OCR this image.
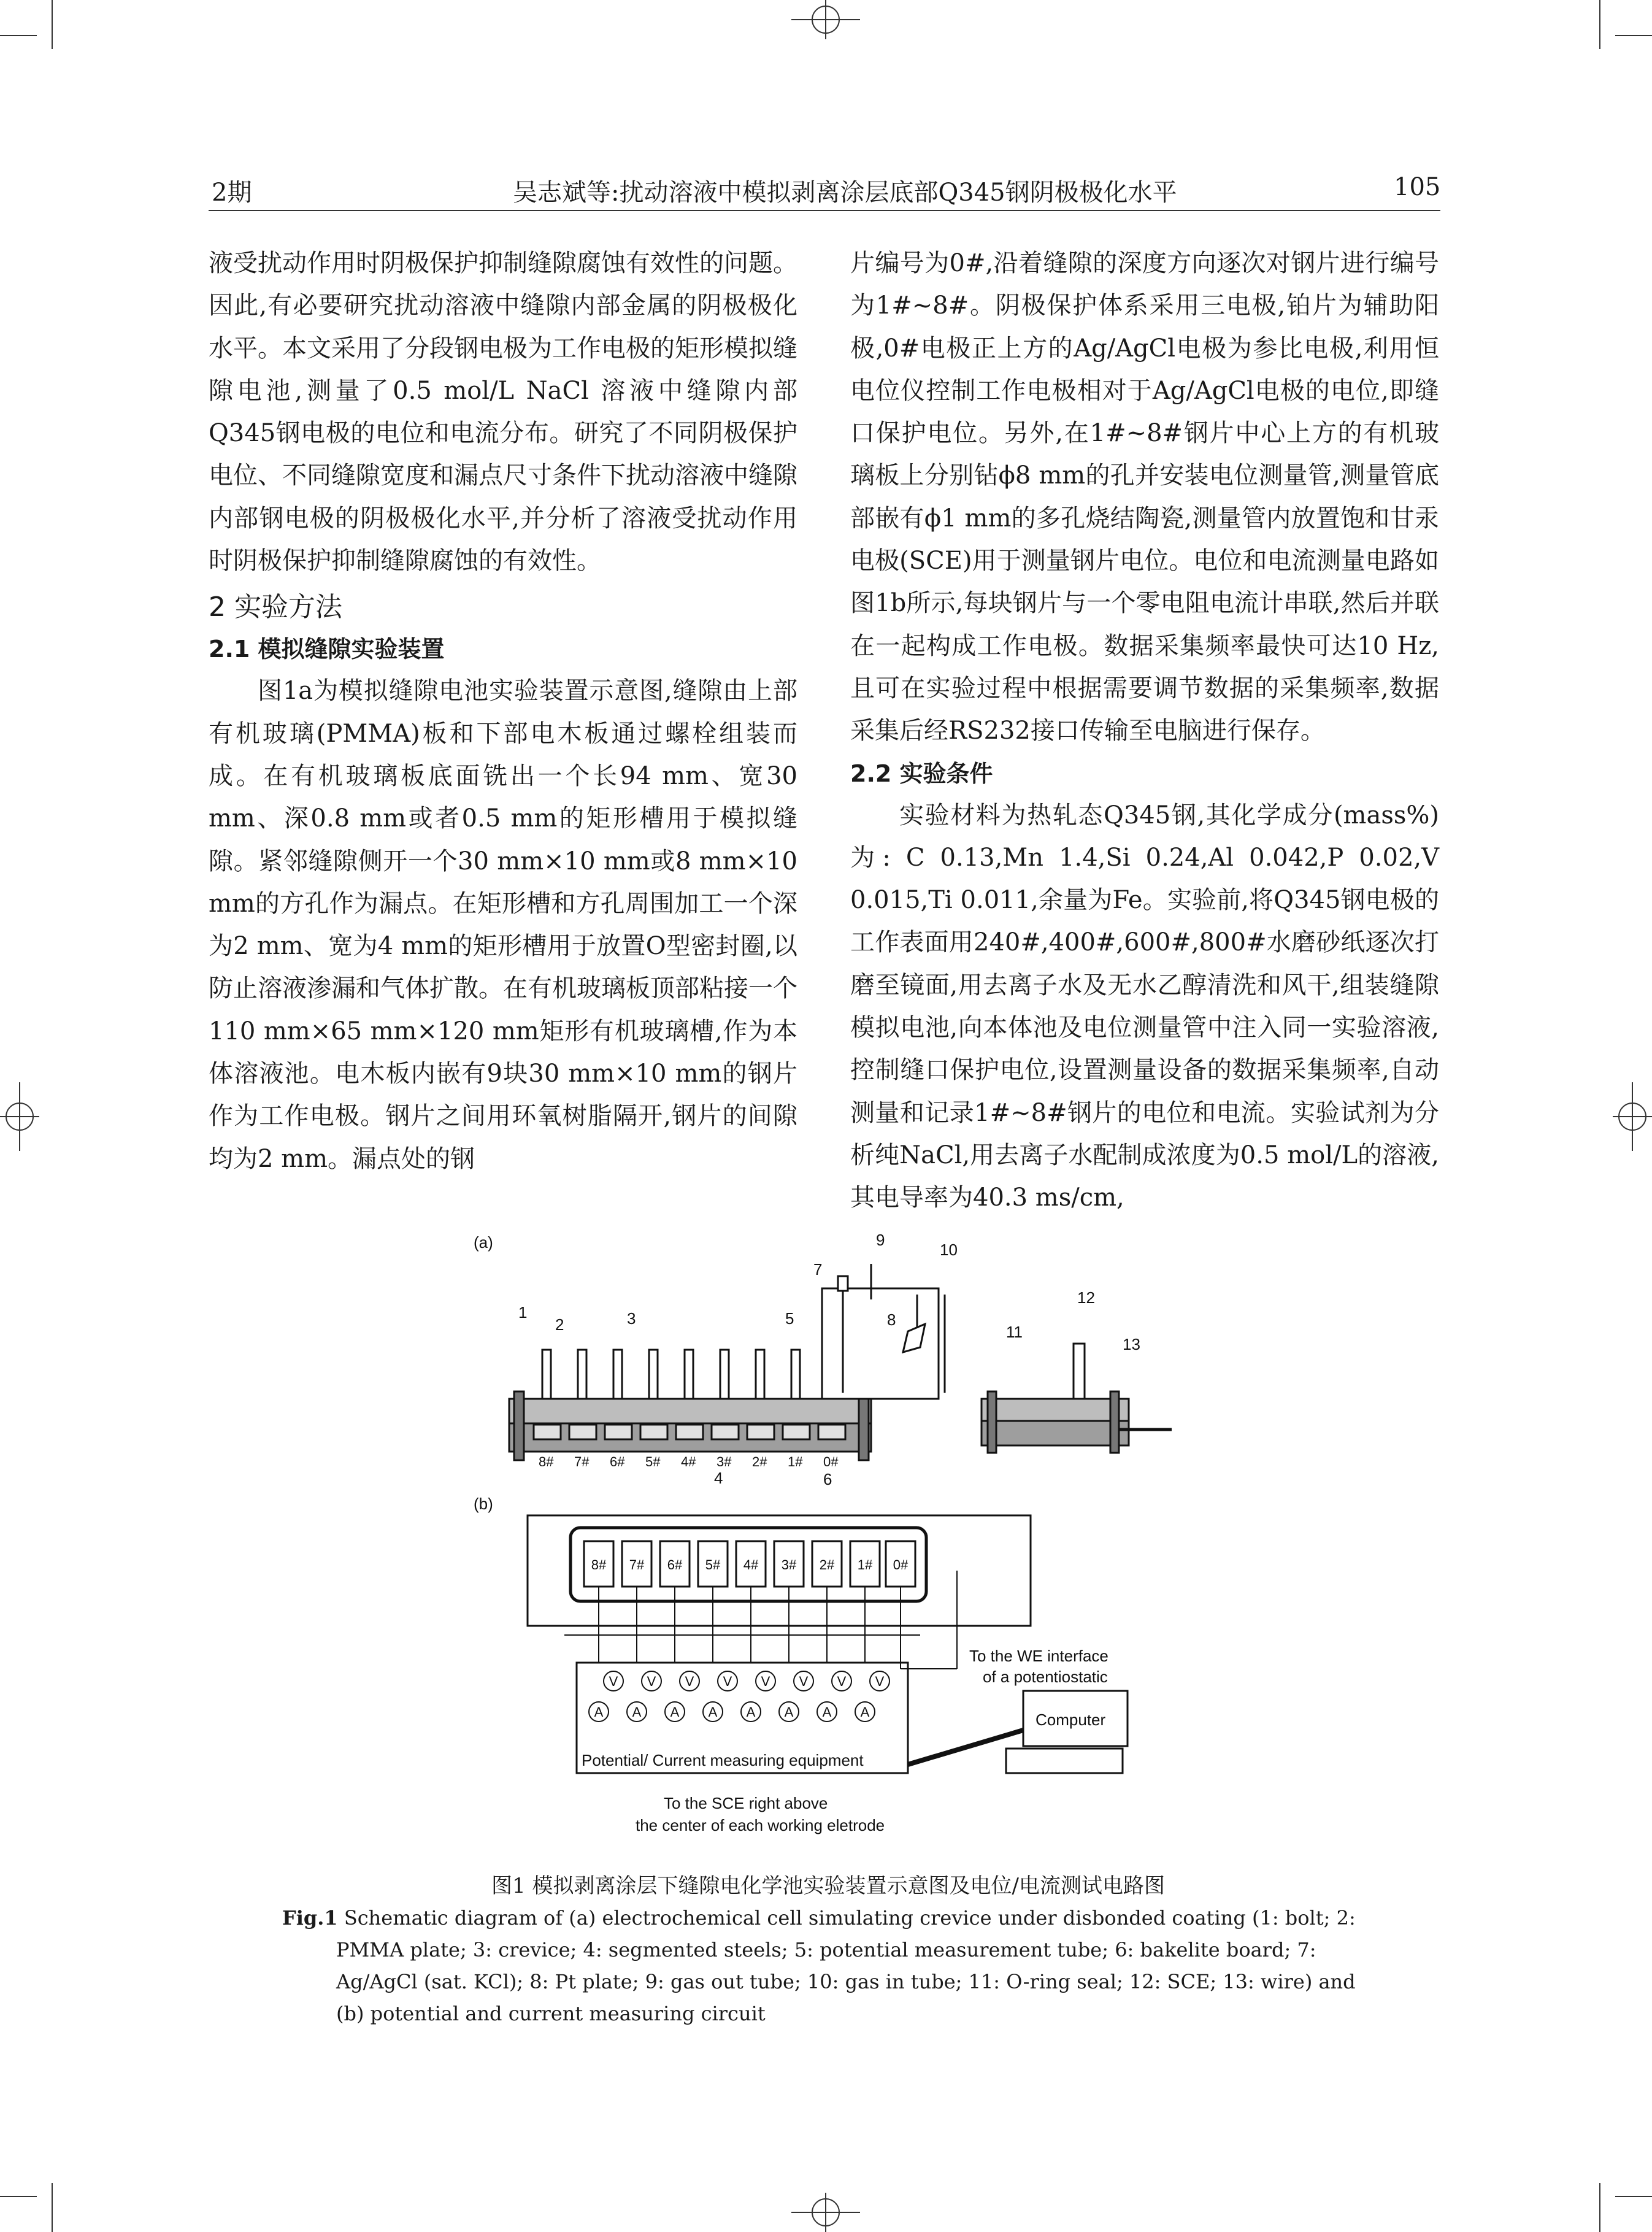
2期	吴志斌等:扰动溶液中模拟剥离涂层底部Q345钢阴极极化水平	105

液受扰动作用时阴极保护抑制缝隙腐蚀有效性的问题。因此,有必要研究扰动溶液中缝隙内部金属的阴极极化水平。本文采用了分段钢电极为工作电极的矩形模拟缝隙电池,测量了0.5 mol/L NaCl 溶液中缝隙内部Q345钢电极的电位和电流分布。研究了不同阴极保护电位、不同缝隙宽度和漏点尺寸条件下扰动溶液中缝隙内部钢电极的阴极极化水平,并分析了溶液受扰动作用时阴极保护抑制缝隙腐蚀的有效性。

2 实验方法
2.1 模拟缝隙实验装置

图1a为模拟缝隙电池实验装置示意图,缝隙由上部有机玻璃(PMMA)板和下部电木板通过螺栓组装而成。在有机玻璃板底面铣出一个长94 mm、宽30 mm、深0.8 mm或者0.5 mm的矩形槽用于模拟缝隙。紧邻缝隙侧开一个30 mm×10 mm或8 mm×10 mm的方孔作为漏点。在矩形槽和方孔周围加工一个深为2 mm、宽为4 mm的矩形槽用于放置O型密封圈,以防止溶液渗漏和气体扩散。在有机玻璃板顶部粘接一个110 mm×65 mm×120 mm矩形有机玻璃槽,作为本体溶液池。电木板内嵌有9块30 mm×10 mm的钢片作为工作电极。钢片之间用环氧树脂隔开,钢片的间隙均为2 mm。漏点处的钢

片编号为0#,沿着缝隙的深度方向逐次对钢片进行编号为1#~8#。阴极保护体系采用三电极,铂片为辅助阳极,0#电极正上方的Ag/AgCl电极为参比电极,利用恒电位仪控制工作电极相对于Ag/AgCl电极的电位,即缝口保护电位。另外,在1#~8#钢片中心上方的有机玻璃板上分别钻ϕ8 mm的孔并安装电位测量管,测量管底部嵌有ϕ1 mm的多孔烧结陶瓷,测量管内放置饱和甘汞电极(SCE)用于测量钢片电位。电位和电流测量电路如图1b所示,每块钢片与一个零电阻电流计串联,然后并联在一起构成工作电极。数据采集频率最快可达10 Hz,且可在实验过程中根据需要调节数据的采集频率,数据采集后经RS232接口传输至电脑进行保存。

2.2 实验条件

实验材料为热轧态Q345钢,其化学成分(mass%)为: C 0.13,Mn 1.4,Si 0.24,Al 0.042,P 0.02,V 0.015,Ti 0.011,余量为Fe。实验前,将Q345钢电极的工作表面用240#,400#,600#,800#水磨砂纸逐次打磨至镜面,用去离子水及无水乙醇清洗和风干,组装缝隙模拟电池,向本体池及电位测量管中注入同一实验溶液,控制缝口保护电位,设置测量设备的数据采集频率,自动测量和记录1#~8#钢片的电位和电流。实验试剂为分析纯NaCl,用去离子水配制成浓度为0.5 mol/L的溶液, 其电导率为40.3 ms/cm,

(a)
(b)
1
2	3
4
5
6
7
8
9
10
11
12
13
8# 7# 6# 5# 4# 3# 2# 1# 0#
V V V V V V V V
A A A A A A A A
8# 7# 6# 5# 4# 3# 2# 1# 0#
To the WE interface
of a potentiostatic
Computer
Potential/ Current measuring equipment
To the SCE right above
the center of each working eletrode
图1 模拟剥离涂层下缝隙电化学池实验装置示意图及电位/电流测试电路图
Fig.1 Schematic diagram of (a) electrochemical cell simulating crevice under disbonded coating (1: bolt; 2: PMMA plate; 3: crevice; 4: segmented steels; 5: potential measurement tube; 6: bakelite board; 7: Ag/AgCl (sat. KCl); 8: Pt plate; 9: gas out tube; 10: gas in tube; 11: O-ring seal; 12: SCE; 13: wire) and (b) potential and current measuring circuit
